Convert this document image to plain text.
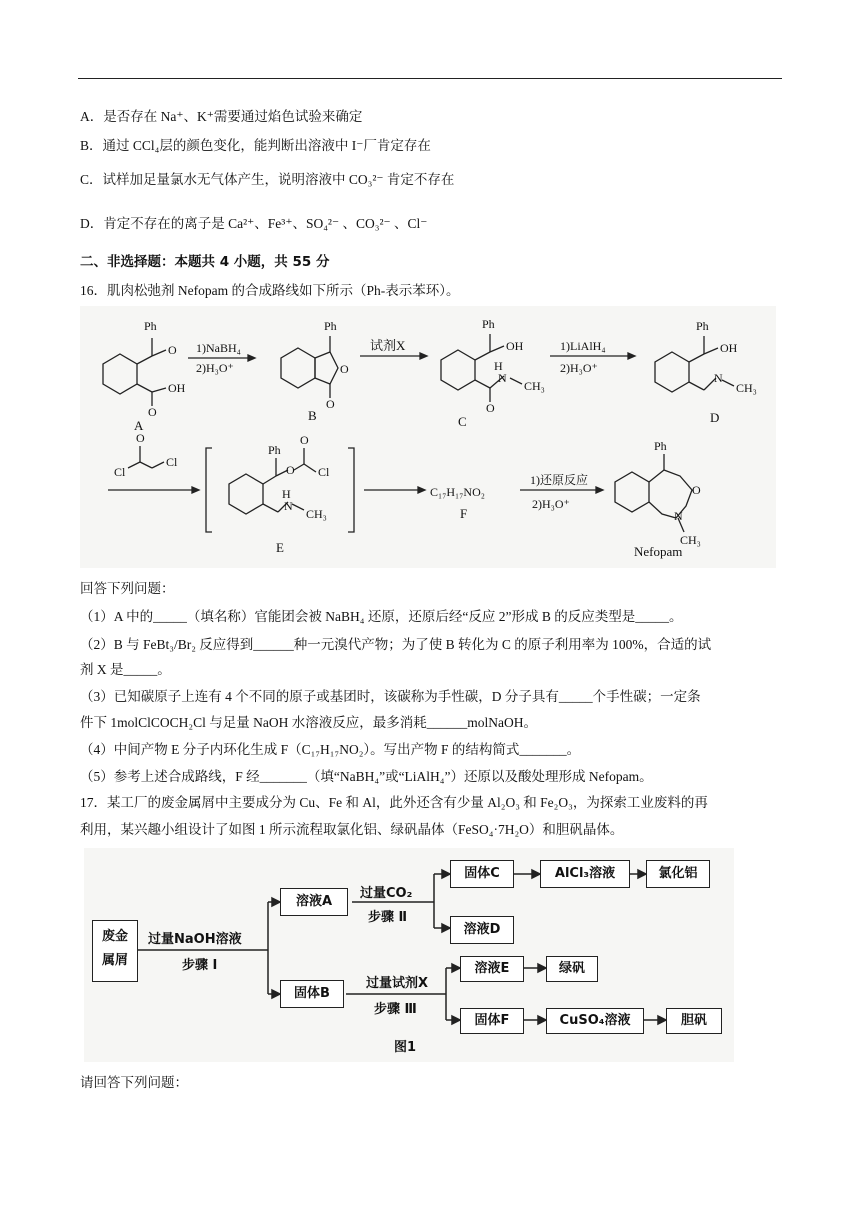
A．是否存在 Na⁺、K⁺需要通过焰色试验来确定
B．通过 CCl₄层的颜色变化，能判断出溶液中 I⁻厂肯定存在
C．试样加足量氯水无气体产生，说明溶液中 CO₃²⁻ 肯定不存在
D．肯定不存在的离子是 Ca²⁺、Fe³⁺、SO₄²⁻ 、CO₃²⁻ 、Cl⁻
二、非选择题：本题共 4 小题，共 55 分
16．肌肉松弛剂 Nefopam 的合成路线如下所示（Ph-表示苯环）。
Ph
O
OH
O
A
1)NaBH₄
2)H₃O⁺
Ph
O
O
B
试剂X
Ph
OH
H
N
CH₃
O
C
1)LiAlH₄
2)H₃O⁺
Ph
OH
N
CH₃
D
O
Cl
Cl
Ph
O
O
Cl
H
N
CH₃
E
C₁₇H₁₇NO₂
F
1)还原反应
2)H₃O⁺
Ph
O
N
CH₃
Nefopam
回答下列问题：
（1）A 中的_____（填名称）官能团会被 NaBH₄ 还原，还原后经“反应 2”形成 B 的反应类型是_____。
（2）B 与 FeBt₃/Br₂ 反应得到______种一元溴代产物；为了使 B 转化为 C 的原子利用率为 100%，合适的试
剂 X 是_____。
（3）已知碳原子上连有 4 个不同的原子或基团时，该碳称为手性碳，D 分子具有_____个手性碳；一定条
件下 1molClCOCH₂Cl 与足量 NaOH 水溶液反应，最多消耗______molNaOH。
（4）中间产物 E 分子内环化生成 F（C₁₇H₁₇NO₂）。写出产物 F 的结构简式_______。
（5）参考上述合成路线，F 经_______（填“NaBH₄”或“LiAlH₄”）还原以及酸处理形成 Nefopam。
17．某工厂的废金属屑中主要成分为 Cu、Fe 和 Al，此外还含有少量 Al₂O₃ 和 Fe₂O₃，为探索工业废料的再
利用，某兴趣小组设计了如图 1 所示流程取氯化铝、绿矾晶体（FeSO₄·7H₂O）和胆矾晶体。
废金
属屑
过量NaOH溶液
步骤 Ⅰ
溶液A
固体B
过量CO₂
步骤 Ⅱ
过量试剂X
步骤 Ⅲ
固体C	AlCl₃溶液	氯化铝
溶液D
溶液E	绿矾
固体F	CuSO₄溶液	胆矾
图1
请回答下列问题：
